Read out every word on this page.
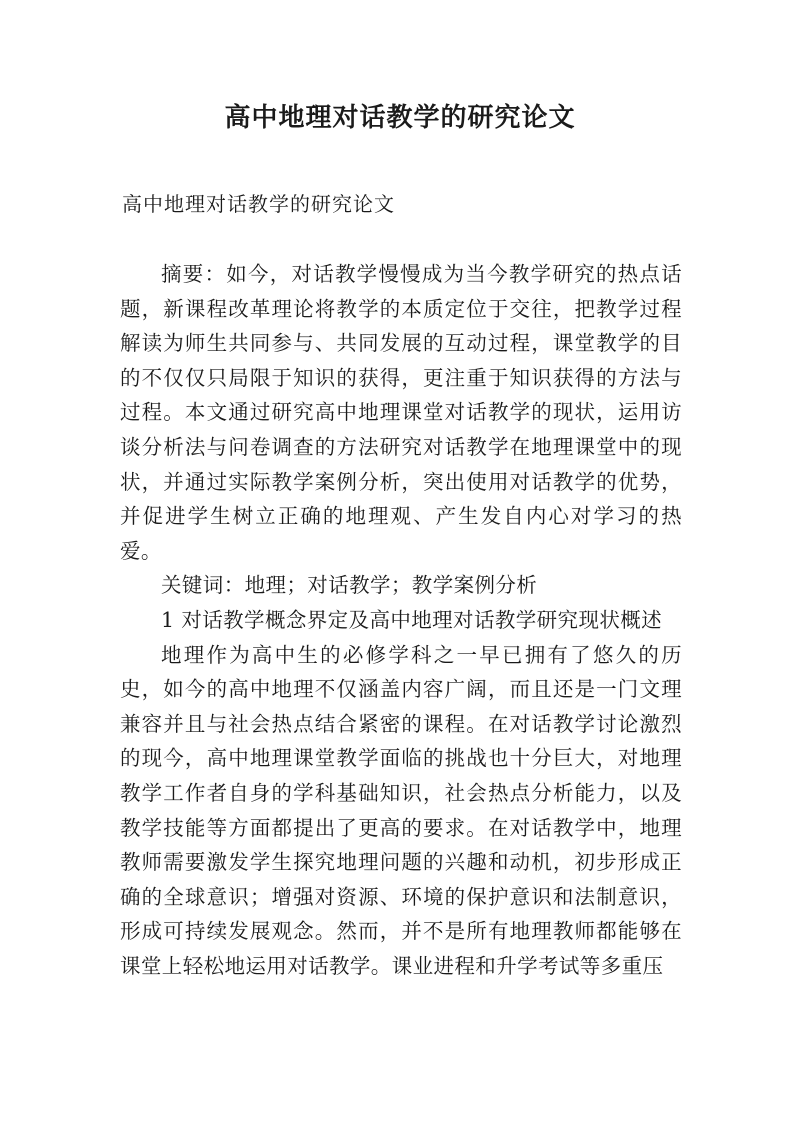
高中地理对话教学的研究论文

高中地理对话教学的研究论文

摘要：如今，对话教学慢慢成为当今教学研究的热点话题，新课程改革理论将教学的本质定位于交往，把教学过程解读为师生共同参与、共同发展的互动过程，课堂教学的目的不仅仅只局限于知识的获得，更注重于知识获得的方法与过程。本文通过研究高中地理课堂对话教学的现状，运用访谈分析法与问卷调查的方法研究对话教学在地理课堂中的现状，并通过实际教学案例分析，突出使用对话教学的优势，并促进学生树立正确的地理观、产生发自内心对学习的热爱。

关键词：地理；对话教学；教学案例分析

1 对话教学概念界定及高中地理对话教学研究现状概述

地理作为高中生的必修学科之一早已拥有了悠久的历史，如今的高中地理不仅涵盖内容广阔，而且还是一门文理兼容并且与社会热点结合紧密的课程。在对话教学讨论激烈的现今，高中地理课堂教学面临的挑战也十分巨大，对地理教学工作者自身的学科基础知识，社会热点分析能力，以及教学技能等方面都提出了更高的要求。在对话教学中，地理教师需要激发学生探究地理问题的兴趣和动机，初步形成正确的全球意识；增强对资源、环境的保护意识和法制意识，形成可持续发展观念。然而，并不是所有地理教师都能够在课堂上轻松地运用对话教学。课业进程和升学考试等多重压
